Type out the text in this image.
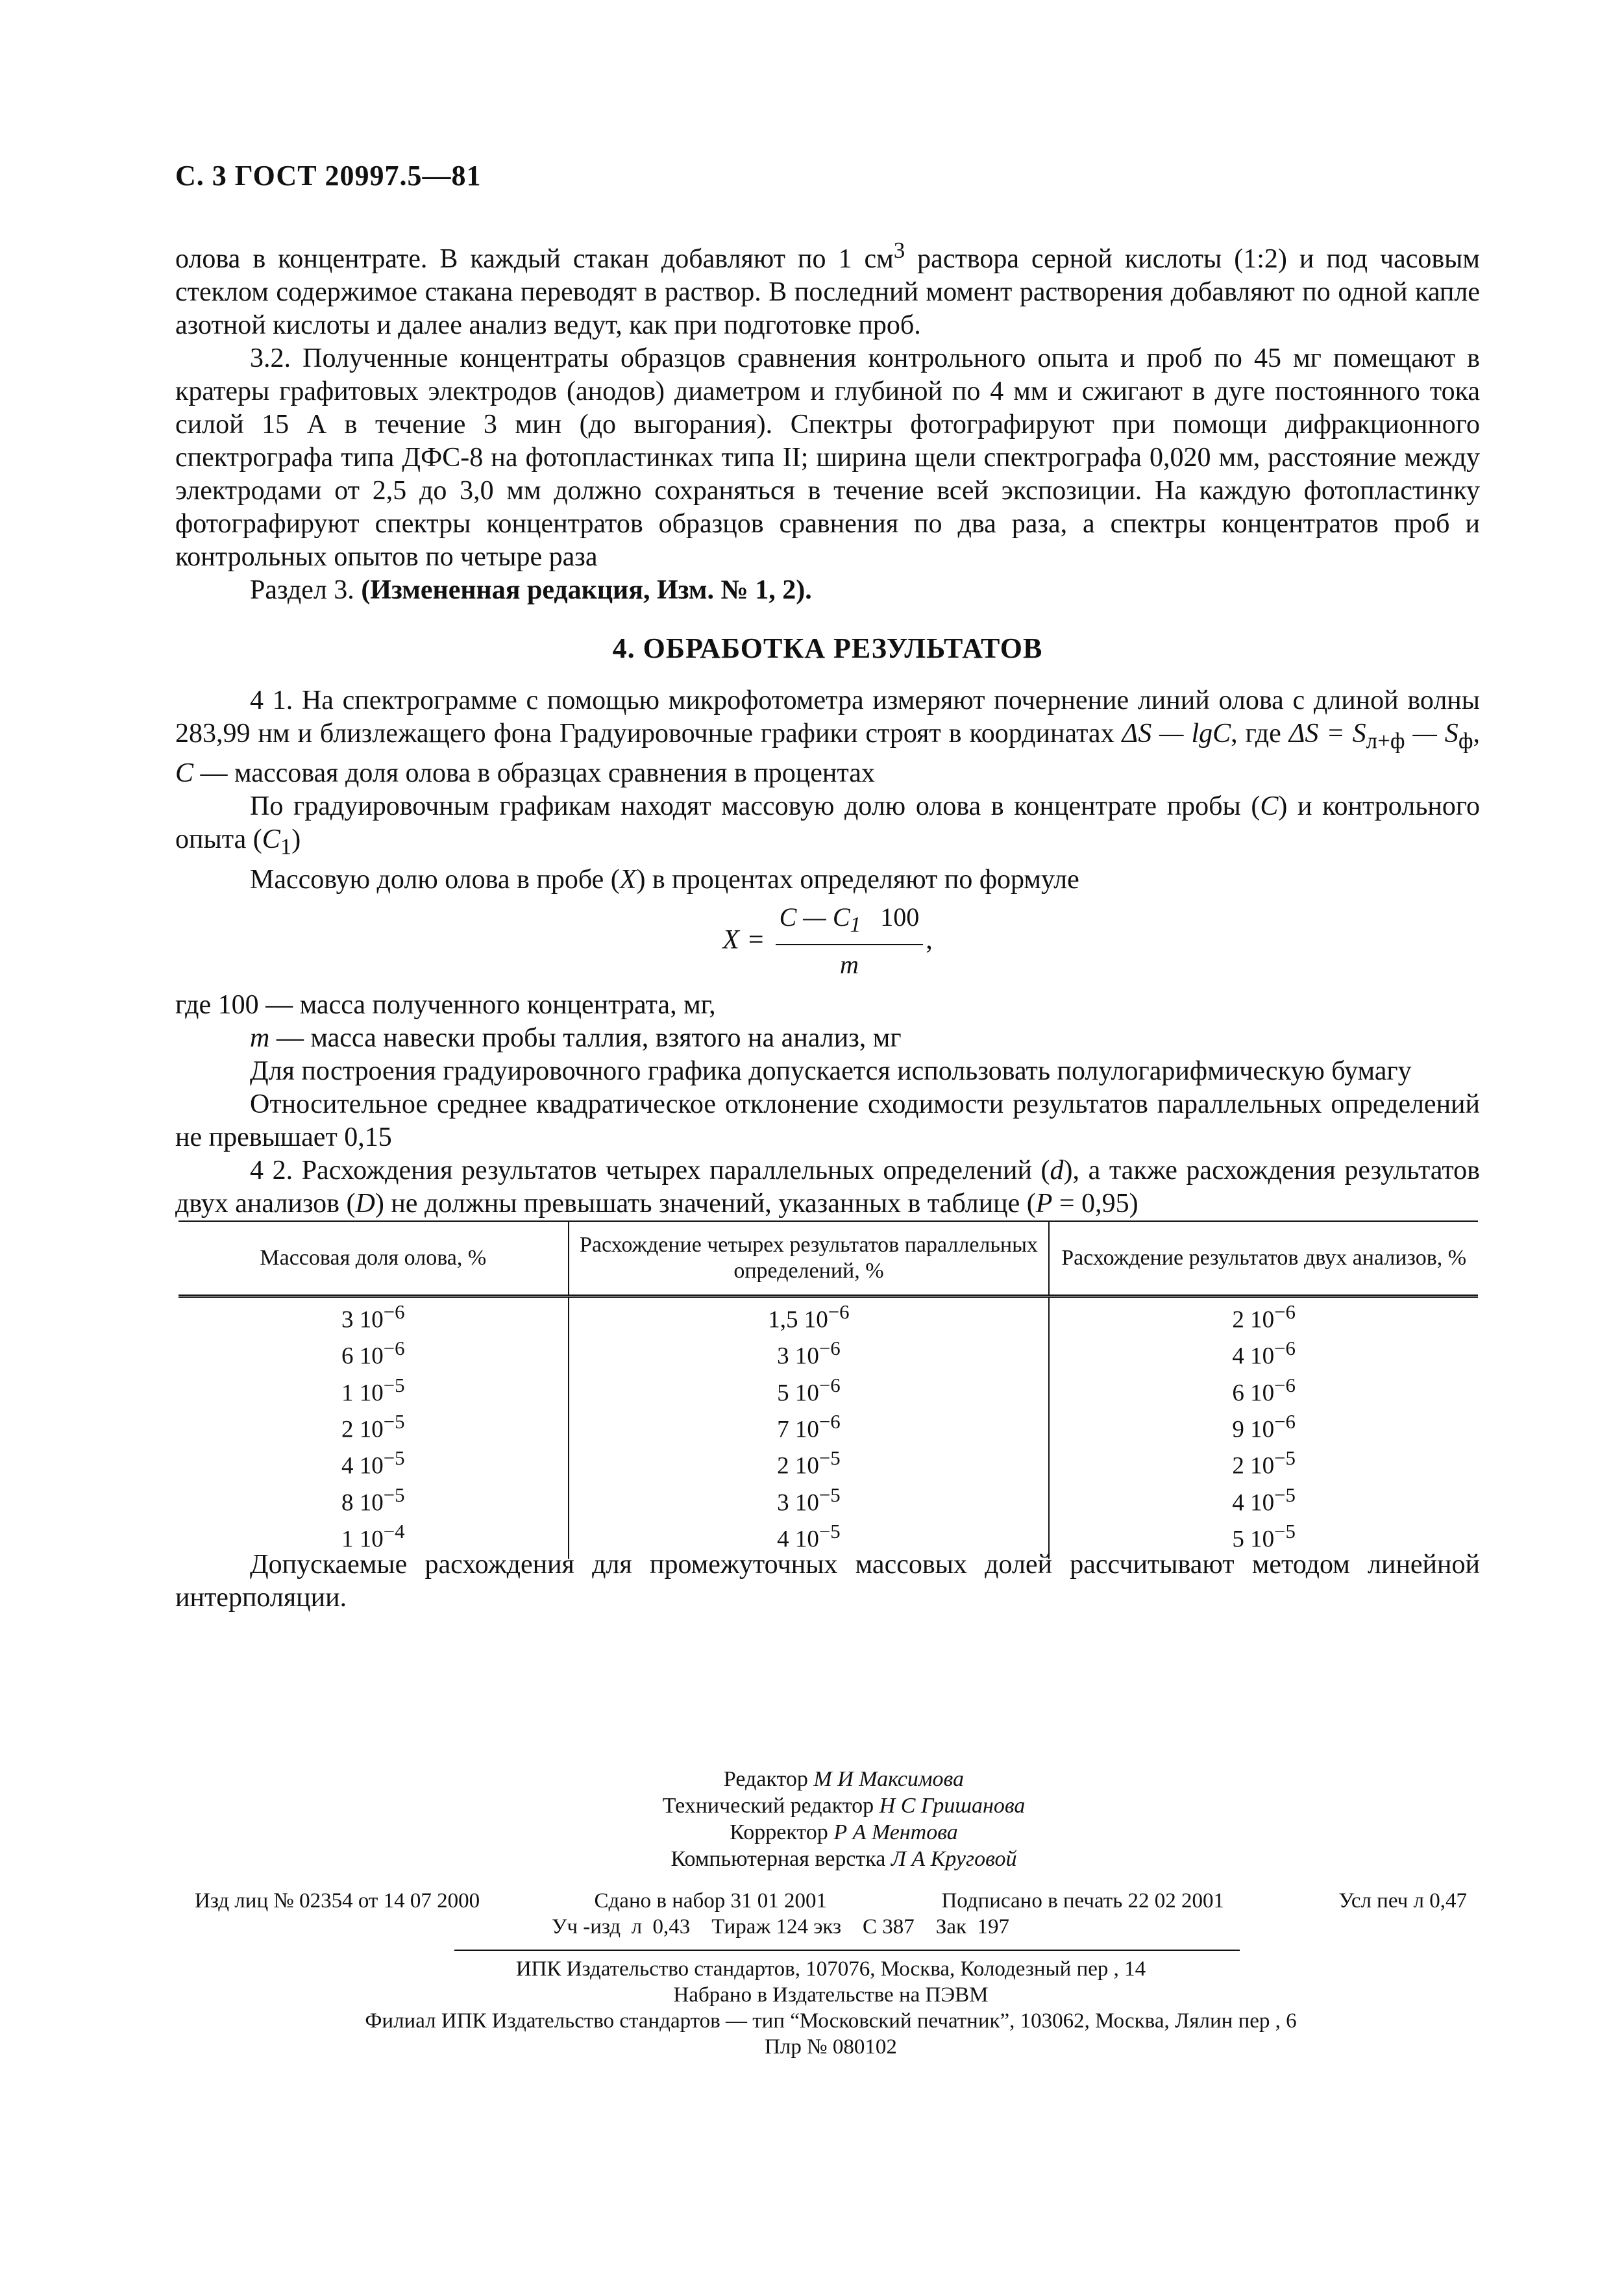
С. 3 ГОСТ 20997.5—81

олова в концентрате. В каждый стакан добавляют по 1 $см^3$ раствора серной кислоты (1:2) и под часовым стеклом содержимое стакана переводят в раствор. В последний момент растворения добавляют по одной капле азотной кислоты и далее анализ ведут, как при подготовке проб.

3.2. Полученные концентраты образцов сравнения контрольного опыта и проб по 45 мг помещают в кратеры графитовых электродов (анодов) диаметром и глубиной по 4 мм и сжигают в дуге постоянного тока силой 15 А в течение 3 мин (до выгорания). Спектры фотографируют при помощи дифракционного спектрографа типа ДФС-8 на фотопластинках типа II; ширина щели спектрографа 0,020 мм, расстояние между электродами от 2,5 до 3,0 мм должно сохраняться в течение всей экспозиции. На каждую фотопластинку фотографируют спектры концентратов образцов сравнения по два раза, а спектры концентратов проб и контрольных опытов по четыре раза

Раздел 3. (Измененная редакция, Изм. № 1, 2).

4. ОБРАБОТКА РЕЗУЛЬТАТОВ

4 1. На спектрограмме с помощью микрофотометра измеряют почернение линий олова с длиной волны 283,99 нм и близлежащего фона Градуировочные графики строят в координатах ΔS — lgC, где $\Delta S = S_{л+ф}$ — $S_ф$, C — массовая доля олова в образцах сравнения в процентах

По градуировочным графикам находят массовую долю олова в концентрате пробы (C) и контрольного опыта $(C_1)$

Массовую долю олова в пробе (X) в процентах определяют по формуле

$X = \frac{C — C_1 100}{m}$ ,

где 100 — масса полученного концентрата, мг,

m — масса навески пробы таллия, взятого на анализ, мг

Для построения градуировочного графика допускается использовать полулогарифмическую бумагу

Относительное среднее квадратическое отклонение сходимости результатов параллельных определений не превышает 0,15

4 2. Расхождения результатов четырех параллельных определений (d), а также расхождения результатов двух анализов (D) не должны превышать значений, указанных в таблице (P = 0,95)

Массовая доля олова, %	Расхождение четырех результатов параллельных определений, %	Расхождение результатов двух анализов, %
3 $10^{-6}$	1,5 $10^{-6}$	2 $10^{-6}$
6 $10^{-6}$	3 $10^{-6}$	4 $10^{-6}$
1 $10^{-5}$	5 $10^{-6}$	6 $10^{-6}$
2 $10^{-5}$	7 $10^{-6}$	9 $10^{-6}$
4 $10^{-5}$	2 $10^{-5}$	2 $10^{-5}$
8 $10^{-5}$	3 $10^{-5}$	4 $10^{-5}$
1 $10^{-4}$	4 $10^{-5}$	5 $10^{-5}$

Допускаемые расхождения для промежуточных массовых долей рассчитывают методом линейной интерполяции.

Редактор М И Максимова
Технический редактор Н С Гришанова
Корректор Р А Ментова
Компьютерная верстка Л А Круговой
Изд лиц № 02354 от 14 07 2000	Сдано в набор 31 01 2001	Подписано в печать 22 02 2001	Усл печ л 0,47
Уч -изд  л  0,43    Тираж 124 экз    С 387    Зак  197
ИПК Издательство стандартов, 107076, Москва, Колодезный пер , 14
Набрано в Издательстве на ПЭВМ
Филиал ИПК Издательство стандартов — тип “Московский печатник”, 103062, Москва, Лялин пер , 6
Плр № 080102
